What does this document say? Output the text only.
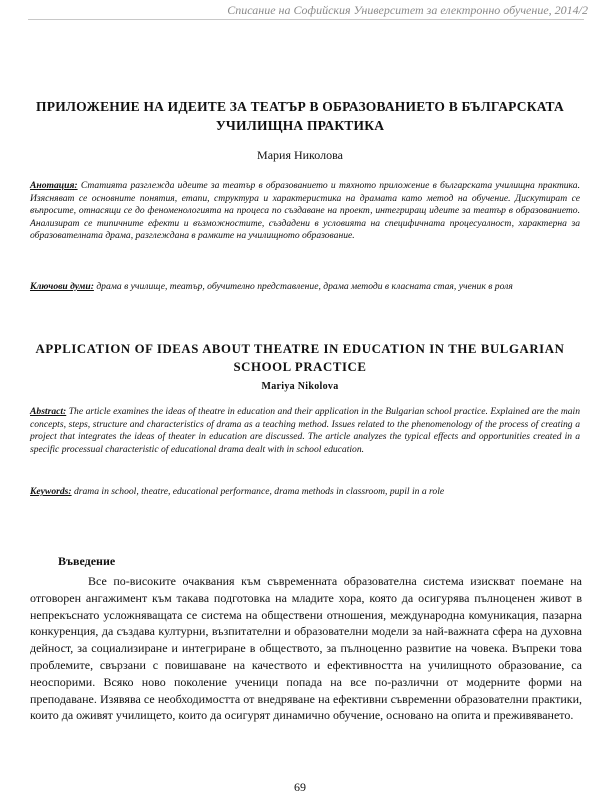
Списание на Софийския Университет за електронно обучение, 2014/2
ПРИЛОЖЕНИЕ НА ИДЕИТЕ ЗА ТЕАТЪР В ОБРАЗОВАНИЕТО В БЪЛГАРСКАТА УЧИЛИЩНА ПРАКТИКА
Мария Николова
Анотация: Статията разглежда идеите за театър в образованието и тяхното приложение в българската училищна практика. Изясняват се основните понятия, етапи, структура и характеристика на драмата като метод на обучение. Дискутират се въпросите, отнасящи се до феноменологията на процеса по създаване на проект, интегриращ идеите за театър в образованието. Анализират се типичните ефекти и възможностите, създадени в условията на специфичната процесуалност, характерна за образователната драма, разглеждана в рамките на училищното образование.
Ключови думи: драма в училище, театър, обучително представление, драма методи в класната стая, ученик в роля
APPLICATION OF IDEAS ABOUT THEATRE IN EDUCATION IN THE BULGARIAN SCHOOL PRACTICE
Mariya Nikolova
Abstract: The article examines the ideas of theatre in education and their application in the Bulgarian school practice. Explained are the main concepts, steps, structure and characteristics of drama as a teaching method. Issues related to the phenomenology of the process of creating a project that integrates the ideas of theater in education are discussed. The article analyzes the typical effects and opportunities created in a specific processual characteristic of educational drama dealt with in school education.
Keywords: drama in school, theatre, educational performance, drama methods in classroom, pupil in a role
Въведение
Все по-високите очаквания към съвременната образователна система изискват поемане на отговорен ангажимент към такава подготовка на младите хора, която да осигурява пълноценен живот в непрекъснато усложняващата се система на обществени отношения, международна комуникация, пазарна конкуренция, да създава културни, възпитателни и образователни модели за най-важната сфера на духовна дейност, за социализиране и интегриране в обществото, за пълноценно развитие на човека. Въпреки това проблемите, свързани с повишаване на качеството и ефективността на училищното образование, са неоспорими. Всяко ново поколение ученици попада на все по-различни от модерните форми на преподаване. Изявява се необходимостта от внедряване на ефективни съвременни образователни практики, които да оживят училището, които да осигурят динамично обучение, основано на опита и преживяването.
69
